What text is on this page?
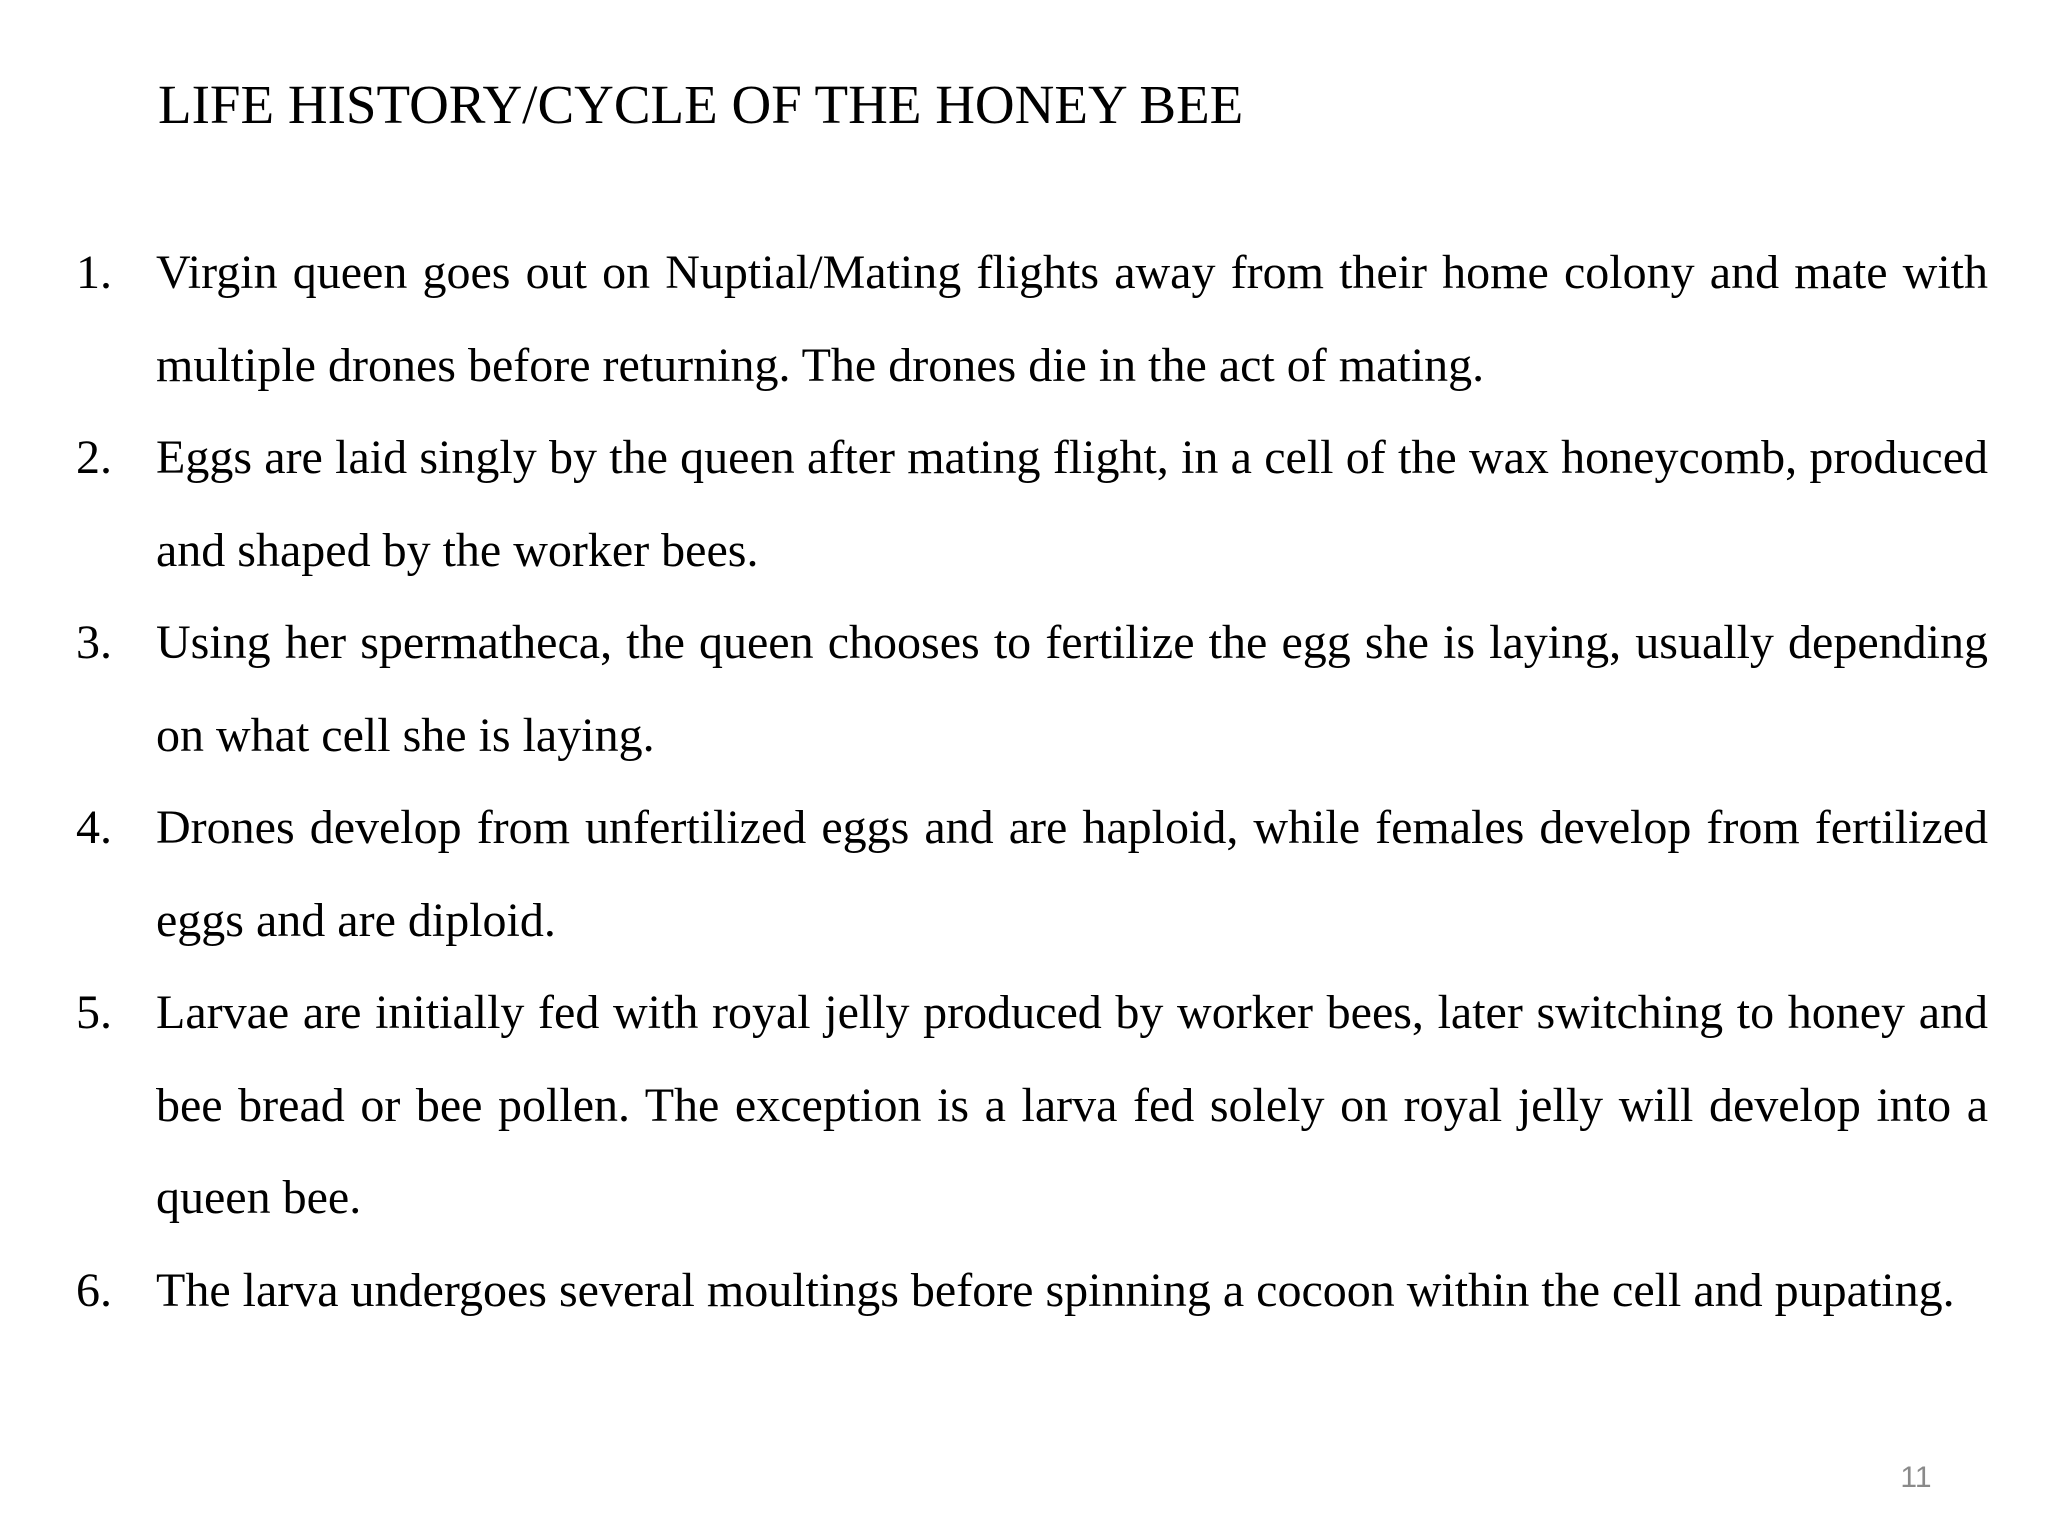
LIFE HISTORY/CYCLE OF THE HONEY BEE
1. Virgin queen goes out on Nuptial/Mating flights away from their home colony and mate with multiple drones before returning. The drones die in the act of mating.
2. Eggs are laid singly by the queen after mating flight, in a cell of the wax honeycomb, produced and shaped by the worker bees.
3. Using her spermatheca, the queen chooses to fertilize the egg she is laying, usually depending on what cell she is laying.
4. Drones develop from unfertilized eggs and are haploid, while females develop from fertilized eggs and are diploid.
5. Larvae are initially fed with royal jelly produced by worker bees, later switching to honey and bee bread or bee pollen. The exception is a larva fed solely on royal jelly will develop into a queen bee.
6. The larva undergoes several moultings before spinning a cocoon within the cell and pupating.
11
